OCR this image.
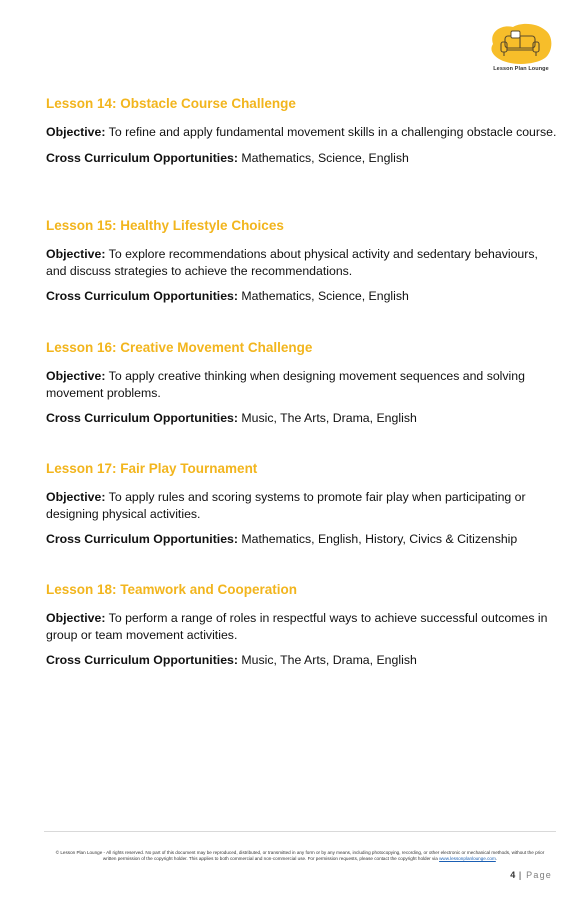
Lesson Plan Lounge
Lesson 14: Obstacle Course Challenge
Objective: To refine and apply fundamental movement skills in a challenging obstacle course.
Cross Curriculum Opportunities: Mathematics, Science, English
Lesson 15: Healthy Lifestyle Choices
Objective: To explore recommendations about physical activity and sedentary behaviours, and discuss strategies to achieve the recommendations.
Cross Curriculum Opportunities: Mathematics, Science, English
Lesson 16: Creative Movement Challenge
Objective: To apply creative thinking when designing movement sequences and solving movement problems.
Cross Curriculum Opportunities: Music, The Arts, Drama, English
Lesson 17: Fair Play Tournament
Objective: To apply rules and scoring systems to promote fair play when participating or designing physical activities.
Cross Curriculum Opportunities: Mathematics, English, History, Civics & Citizenship
Lesson 18: Teamwork and Cooperation
Objective: To perform a range of roles in respectful ways to achieve successful outcomes in group or team movement activities.
Cross Curriculum Opportunities: Music, The Arts, Drama, English
© Lesson Plan Lounge - All rights reserved. No part of this document may be reproduced, distributed, or transmitted in any form or by any means, including photocopying, recording, or other electronic or mechanical methods, without the prior written permission of the copyright holder. This applies to both commercial and non-commercial use. For permission requests, please contact the copyright holder via www.lessonplanlounge.com.
4 | Page
